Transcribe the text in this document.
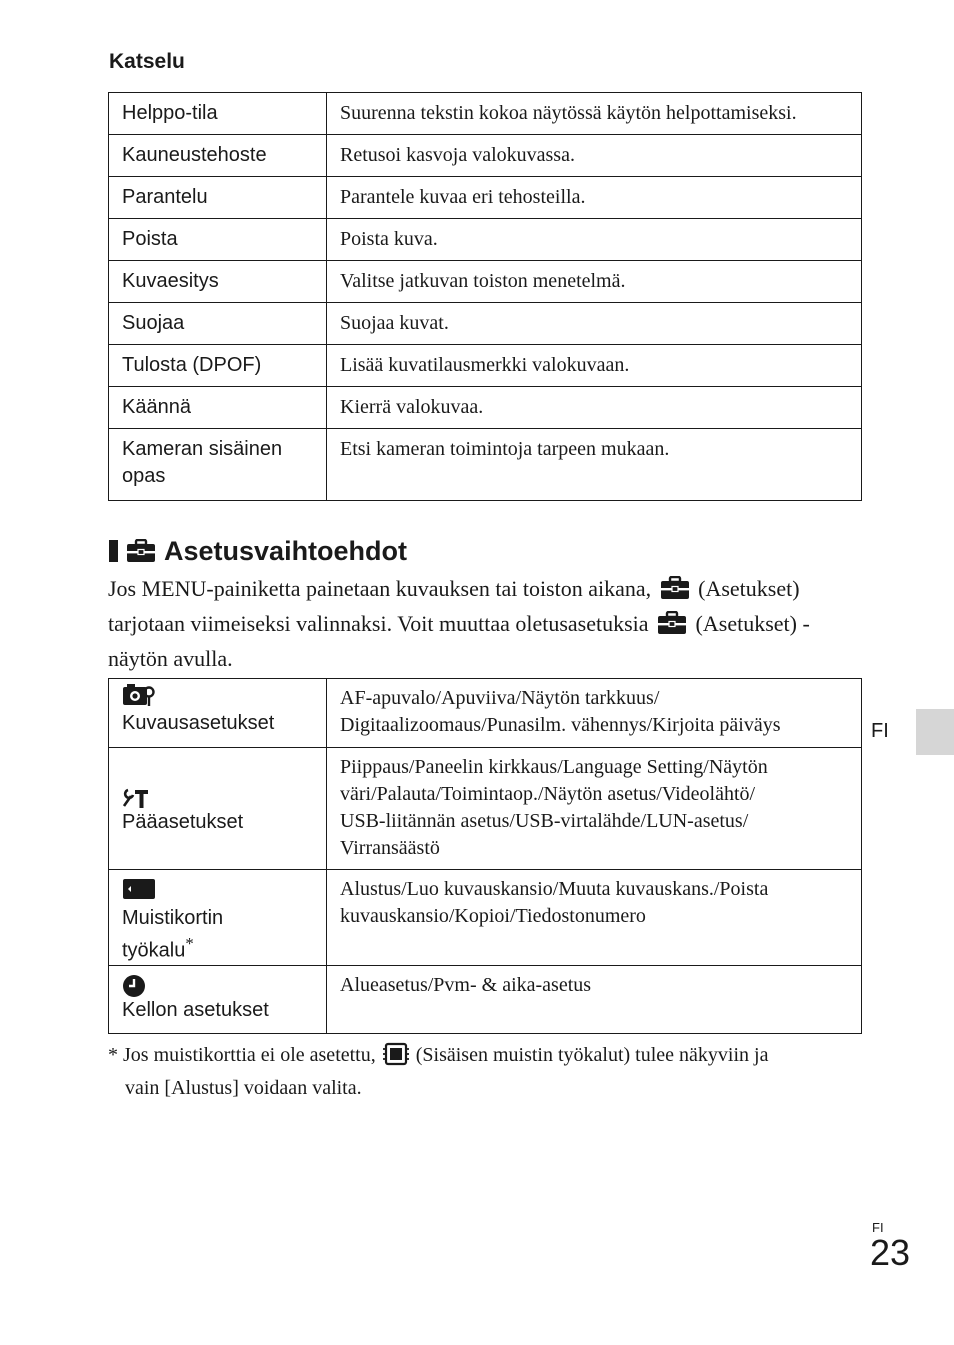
Katselu
Helppo-tila	Suurenna tekstin kokoa näytössä käytön helpottamiseksi.
Kauneustehoste	Retusoi kasvoja valokuvassa.
Parantelu	Parantele kuvaa eri tehosteilla.
Poista	Poista kuva.
Kuvaesitys	Valitse jatkuvan toiston menetelmä.
Suojaa	Suojaa kuvat.
Tulosta (DPOF)	Lisää kuvatilausmerkki valokuvaan.
Käännä	Kierrä valokuvaa.
Kameran sisäinen
opas	Etsi kameran toimintoja tarpeen mukaan.
Asetusvaihtoehdot
Jos MENU-painiketta painetaan kuvauksen tai toiston aikana, (Asetukset) tarjotaan viimeiseksi valinnaksi. Voit muuttaa oletusasetuksia (Asetukset) -näytön avulla.
Kuvausasetukset	AF-apuvalo/Apuviiva/Näytön tarkkuus/
Digitaalizoomaus/Punasilm. vähennys/Kirjoita päiväys

Pääasetukset	Piippaus/Paneelin kirkkaus/Language Setting/Näytön
väri/Palauta/Toimintaop./Näytön asetus/Videolähtö/
USB-liitännän asetus/USB-virtalähde/LUN-asetus/
Virransäästö

Muistikortin
työkalu*	Alustus/Luo kuvauskansio/Muuta kuvauskans./Poista
kuvauskansio/Kopioi/Tiedostonumero

Kellon asetukset	Alueasetus/Pvm- & aika-asetus
* Jos muistikorttia ei ole asetettu, (Sisäisen muistin työkalut) tulee näkyviin ja
vain [Alustus] voidaan valita.
FI
FI
23
